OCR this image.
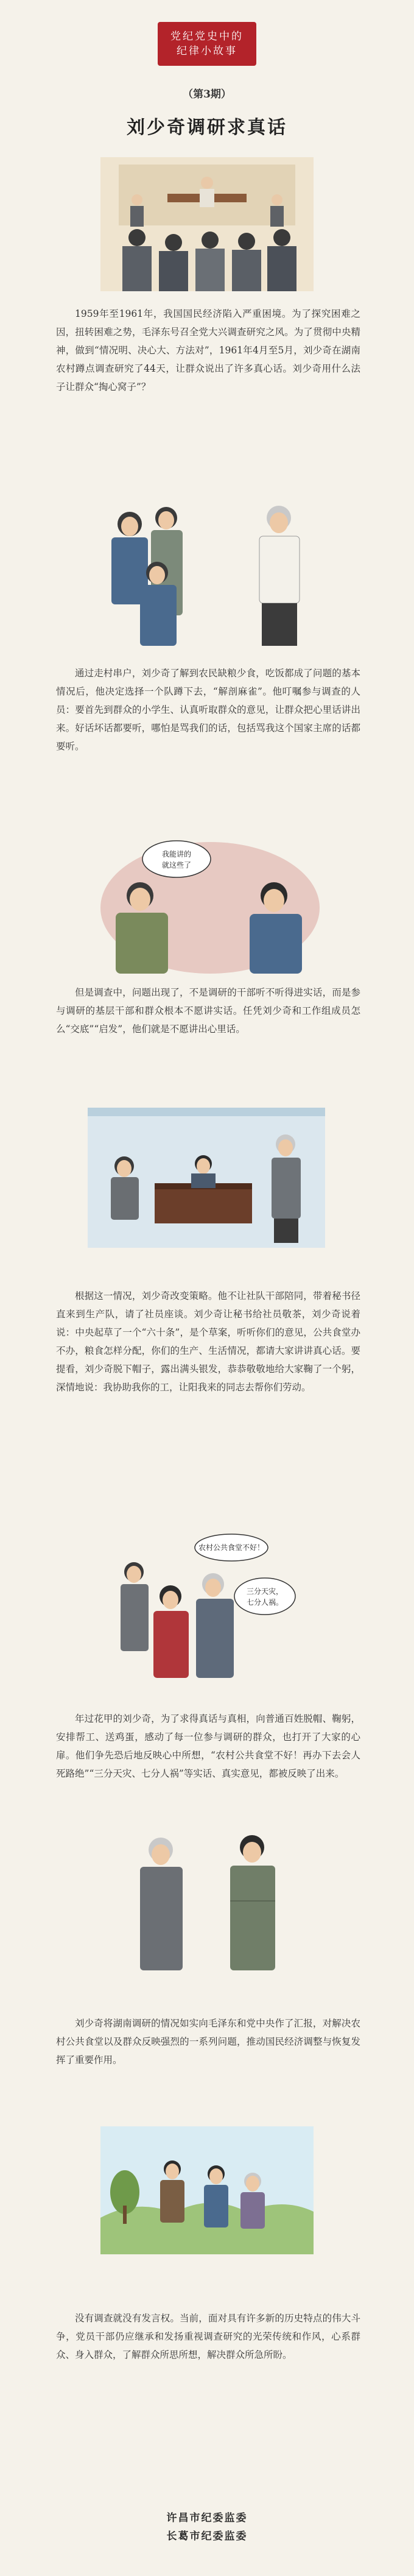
党纪党史中的
纪律小故事
（第3期）
刘少奇调研求真话

1959年至1961年，我国国民经济陷入严重困境。为了探究困难之因，扭转困难之势，毛泽东号召全党大兴调查研究之风。为了贯彻中央精神，做到“情况明、决心大、方法对”，1961年4月至5月，刘少奇在湖南农村蹲点调查研究了44天，让群众说出了许多真心话。刘少奇用什么法子让群众“掏心窝子”？

通过走村串户，刘少奇了解到农民缺粮少食，吃饭都成了问题的基本情况后，他决定选择一个队蹲下去，“解剖麻雀”。他叮嘱参与调查的人员：要首先到群众的小学生、认真听取群众的意见，让群众把心里话讲出来。好话坏话都要听，哪怕是骂我们的话，包括骂我这个国家主席的话都要听。

我能讲的
就这些了

但是调查中，问题出现了，不是调研的干部听不听得进实话，而是参与调研的基层干部和群众根本不愿讲实话。任凭刘少奇和工作组成员怎么“交底”“启发”，他们就是不愿讲出心里话。

根据这一情况，刘少奇改变策略。他不让社队干部陪同，带着秘书径直来到生产队，请了社员座谈。刘少奇让秘书给社员敬茶，刘少奇说着说：中央起草了一个“六十条”，是个草案，听听你们的意见，公共食堂办不办，粮食怎样分配，你们的生产、生活情况，都请大家讲讲真心话。要提看，刘少奇脱下帽子，露出满头银发，恭恭敬敬地给大家鞠了一个躬，深情地说：我协助我你的工，让阳我来的同志去帮你们劳动。

农村公共食堂不好！
三分天灾，
七分人祸。

年过花甲的刘少奇，为了求得真话与真相，向普通百姓脱帽、鞠躬，安排帮工、送鸡蛋，感动了每一位参与调研的群众，也打开了大家的心扉。他们争先恐后地反映心中所想，“农村公共食堂不好！再办下去会人死路绝”“三分天灾、七分人祸”等实话、真实意见，都被反映了出来。

刘少奇将湖南调研的情况如实向毛泽东和党中央作了汇报，对解决农村公共食堂以及群众反映强烈的一系列问题，推动国民经济调整与恢复发挥了重要作用。

没有调查就没有发言权。当前，面对具有许多新的历史特点的伟大斗争，党员干部仍应继承和发扬重视调查研究的光荣传统和作风，心系群众、身入群众，了解群众所思所想，解决群众所急所盼。

许昌市纪委监委
长葛市纪委监委
